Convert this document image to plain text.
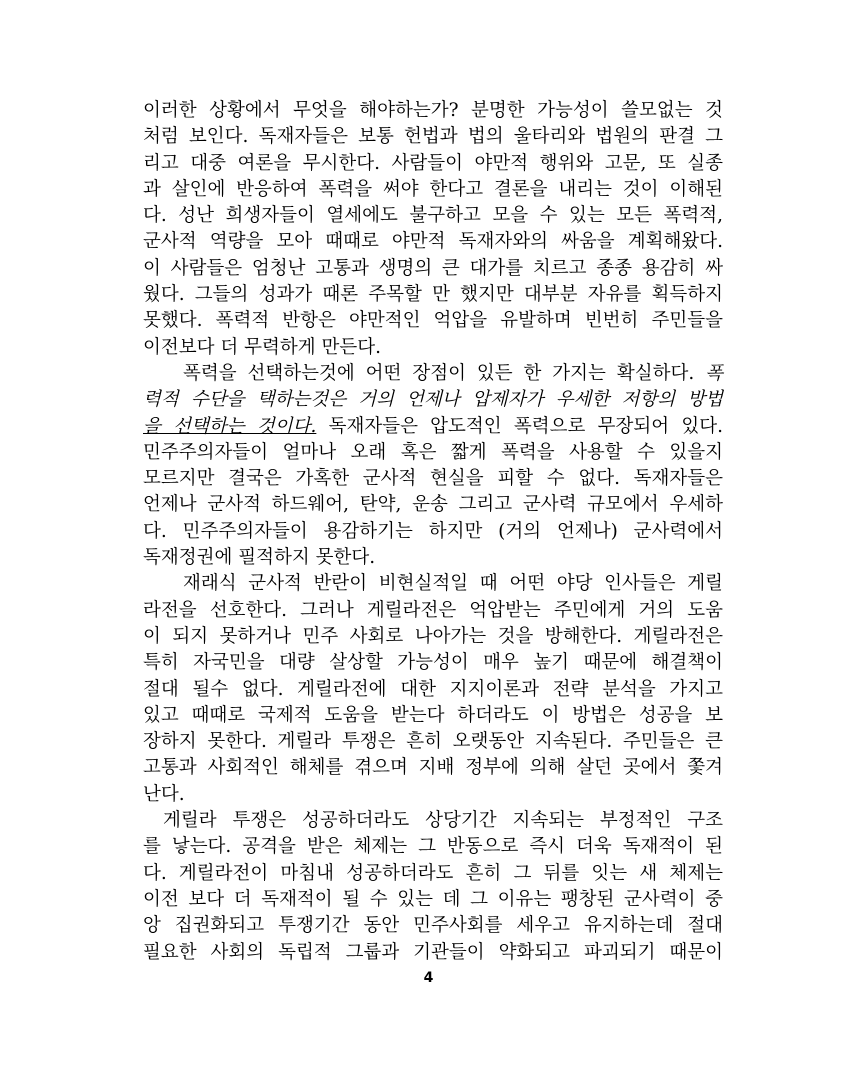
이러한 상황에서 무엇을 해야하는가? 분명한 가능성이 쓸모없는 것
처럼 보인다. 독재자들은 보통 헌법과 법의 울타리와 법원의 판결 그
리고 대중 여론을 무시한다. 사람들이 야만적 행위와 고문, 또 실종
과 살인에 반응하여 폭력을 써야 한다고 결론을 내리는 것이 이해된
다. 성난 희생자들이 열세에도 불구하고 모을 수 있는 모든 폭력적,
군사적 역량을 모아 때때로 야만적 독재자와의 싸움을 계획해왔다.
이 사람들은 엄청난 고통과 생명의 큰 대가를 치르고 종종 용감히 싸
웠다. 그들의 성과가 때론 주목할 만 했지만 대부분 자유를 획득하지
못했다. 폭력적 반항은 야만적인 억압을 유발하며 빈번히 주민들을
이전보다 더 무력하게 만든다.
폭력을 선택하는것에 어떤 장점이 있든 한 가지는 확실하다. 폭
력적 수단을 택하는것은 거의 언제나 압제자가 우세한 저항의 방법
을 선택하는 것이다. 독재자들은 압도적인 폭력으로 무장되어 있다.
민주주의자들이 얼마나 오래 혹은 짧게 폭력을 사용할 수 있을지
모르지만 결국은 가혹한 군사적 현실을 피할 수 없다. 독재자들은
언제나 군사적 하드웨어, 탄약, 운송 그리고 군사력 규모에서 우세하
다. 민주주의자들이 용감하기는 하지만 (거의 언제나) 군사력에서
독재정권에 필적하지 못한다.
재래식 군사적 반란이 비현실적일 때 어떤 야당 인사들은 게릴
라전을 선호한다. 그러나 게릴라전은 억압받는 주민에게 거의 도움
이 되지 못하거나 민주 사회로 나아가는 것을 방해한다. 게릴라전은
특히 자국민을 대량 살상할 가능성이 매우 높기 때문에 해결책이
절대 될수 없다. 게릴라전에 대한 지지이론과 전략 분석을 가지고
있고 때때로 국제적 도움을 받는다 하더라도 이 방법은 성공을 보
장하지 못한다. 게릴라 투쟁은 흔히 오랫동안 지속된다. 주민들은 큰
고통과 사회적인 해체를 겪으며 지배 정부에 의해 살던 곳에서 쫓겨
난다.
게릴라 투쟁은 성공하더라도 상당기간 지속되는 부정적인 구조
를 낳는다. 공격을 받은 체제는 그 반동으로 즉시 더욱 독재적이 된
다. 게릴라전이 마침내 성공하더라도 흔히 그 뒤를 잇는 새 체제는
이전 보다 더 독재적이 될 수 있는 데 그 이유는 팽창된 군사력이 중
앙 집권화되고 투쟁기간 동안 민주사회를 세우고 유지하는데 절대
필요한 사회의 독립적 그룹과 기관들이 약화되고 파괴되기 때문이
4
